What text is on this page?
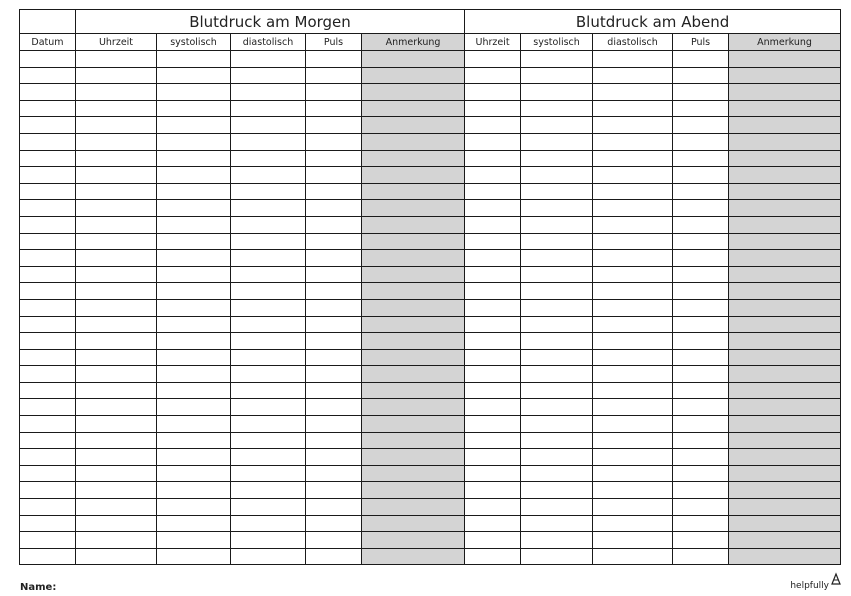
	Blutdruck am Morgen					Blutdruck am Abend				
Datum	Uhrzeit	systolisch	diastolisch	Puls	Anmerkung	Uhrzeit	systolisch	diastolisch	Puls	Anmerkung

Name:	helpfully
